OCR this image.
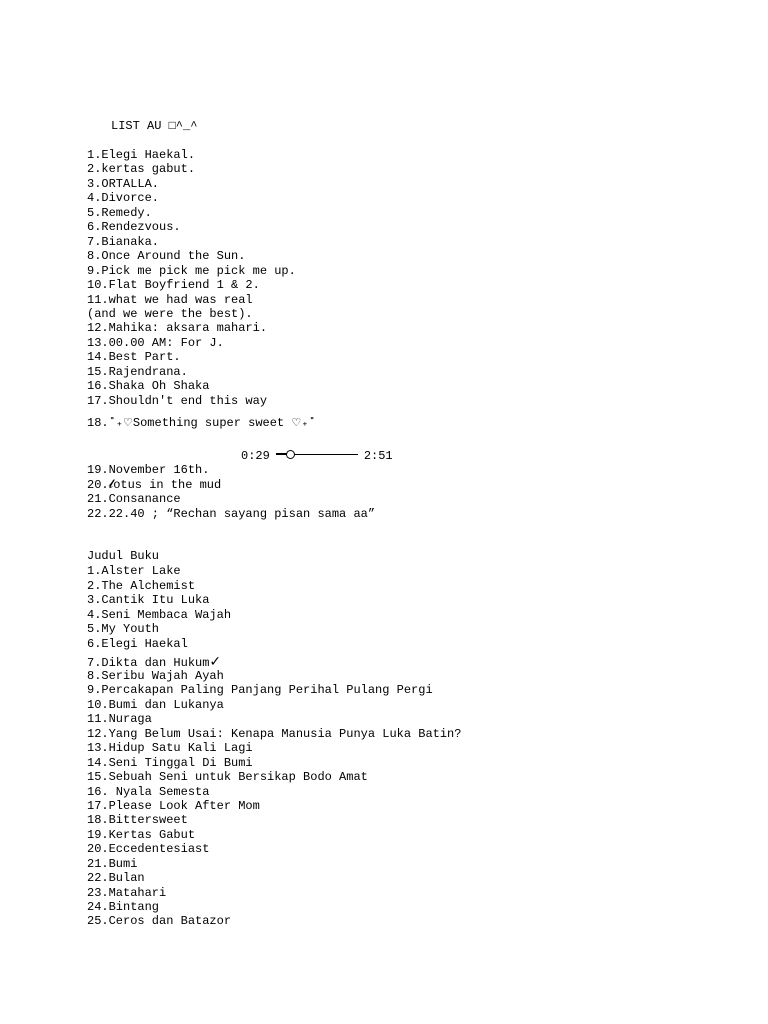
LIST AU □^_^
1.Elegi Haekal.
2.kertas gabut.
3.ORTALLA.
4.Divorce.
5.Remedy.
6.Rendezvous.
7.Bianaka.
8.Once Around the Sun.
9.Pick me pick me pick me up.
10.Flat Boyfriend 1 & 2.
11.what we had was real
(and we were the best).
12.Mahika: aksara mahari.
13.00.00 AM: For J.
14.Best Part.
15.Rajendrana.
16.Shaka Oh Shaka
17.Shouldn't end this way
18.˚₊♡Something super sweet ♡₊˚
0:29	2:51
19.November 16th.
20.𝓵otus in the mud
21.Consanance
22.22.40 ; “Rechan sayang pisan sama aa”
Judul Buku
1.Alster Lake
2.The Alchemist
3.Cantik Itu Luka
4.Seni Membaca Wajah
5.My Youth
6.Elegi Haekal
7.Dikta dan Hukum✓
8.Seribu Wajah Ayah
9.Percakapan Paling Panjang Perihal Pulang Pergi
10.Bumi dan Lukanya
11.Nuraga
12.Yang Belum Usai: Kenapa Manusia Punya Luka Batin?
13.Hidup Satu Kali Lagi
14.Seni Tinggal Di Bumi
15.Sebuah Seni untuk Bersikap Bodo Amat
16. Nyala Semesta
17.Please Look After Mom
18.Bittersweet
19.Kertas Gabut
20.Eccedentesiast
21.Bumi
22.Bulan
23.Matahari
24.Bintang
25.Ceros dan Batazor
